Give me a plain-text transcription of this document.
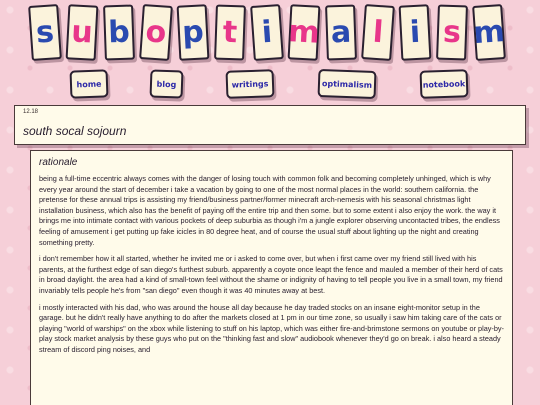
s u b o p t i m a l i s m
home	blog	writings	optimalism	notebook
12.18
south socal sojourn
rationale

being a full-time eccentric always comes with the danger of losing touch with common folk and becoming completely unhinged, which is why every year around the start of december i take a vacation by going to one of the most normal places in the world: southern california. the pretense for these annual trips is assisting my friend/business partner/former minecraft arch-nemesis with his seasonal christmas light installation business, which also has the benefit of paying off the entire trip and then some. but to some extent i also enjoy the work. the way it brings me into intimate contact with various pockets of deep suburbia as though i'm a jungle explorer observing uncontacted tribes, the endless feeling of amusement i get putting up fake icicles in 80 degree heat, and of course the usual stuff about lighting up the night and creating something pretty.

i don't remember how it all started, whether he invited me or i asked to come over, but when i first came over my friend still lived with his parents, at the furthest edge of san diego's furthest suburb. apparently a coyote once leapt the fence and mauled a member of their herd of cats in broad daylight. the area had a kind of small-town feel without the shame or indignity of having to tell people you live in a small town, my friend invariably tells people he's from "san diego" even though it was 40 minutes away at best.

i mostly interacted with his dad, who was around the house all day because he day traded stocks on an insane eight-monitor setup in the garage. but he didn't really have anything to do after the markets closed at 1 pm in our time zone, so usually i saw him taking care of the cats or playing "world of warships" on the xbox while listening to stuff on his laptop, which was either fire-and-brimstone sermons on youtube or play-by-play stock market analysis by these guys who put on the "thinking fast and slow" audiobook whenever they'd go on break. i also heard a steady stream of discord ping noises, and
